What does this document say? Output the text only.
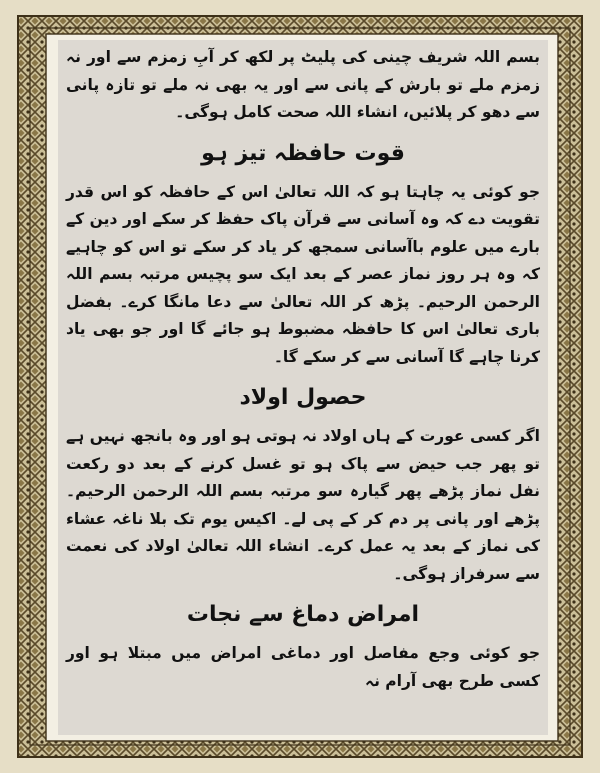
بسم اللہ شریف چینی کی پلیٹ پر لکھ کر آبِ زمزم سے اور نہ زمزم ملے تو بارش کے پانی سے اور یہ بھی نہ ملے تو تازہ پانی سے دھو کر پلائیں، انشاء اللہ صحت کامل ہوگی۔

قوت حافظہ تیز ہو

جو کوئی یہ چاہتا ہو کہ اللہ تعالیٰ اس کے حافظہ کو اس قدر تقویت دے کہ وہ آسانی سے قرآن پاک حفظ کر سکے اور دین کے بارے میں علوم باآسانی سمجھ کر یاد کر سکے تو اس کو چاہیے کہ وہ ہر روز نماز عصر کے بعد ایک سو پچیس مرتبہ بسم اللہ الرحمن الرحیم۔ پڑھ کر اللہ تعالیٰ سے دعا مانگا کرے۔ بفضل باری تعالیٰ اس کا حافظہ مضبوط ہو جائے گا اور جو بھی یاد کرنا چاہے گا آسانی سے کر سکے گا۔

حصول اولاد

اگر کسی عورت کے ہاں اولاد نہ ہوتی ہو اور وہ بانجھ نہیں ہے تو پھر جب حیض سے پاک ہو تو غسل کرنے کے بعد دو رکعت نفل نماز پڑھے پھر گیارہ سو مرتبہ بسم اللہ الرحمن الرحیم۔ پڑھے اور پانی پر دم کر کے پی لے۔ اکیس یوم تک بلا ناغہ عشاء کی نماز کے بعد یہ عمل کرے۔ انشاء اللہ تعالیٰ اولاد کی نعمت سے سرفراز ہوگی۔

امراض دماغ سے نجات

جو کوئی وجع مفاصل اور دماغی امراض میں مبتلا ہو اور کسی طرح بھی آرام نہ
